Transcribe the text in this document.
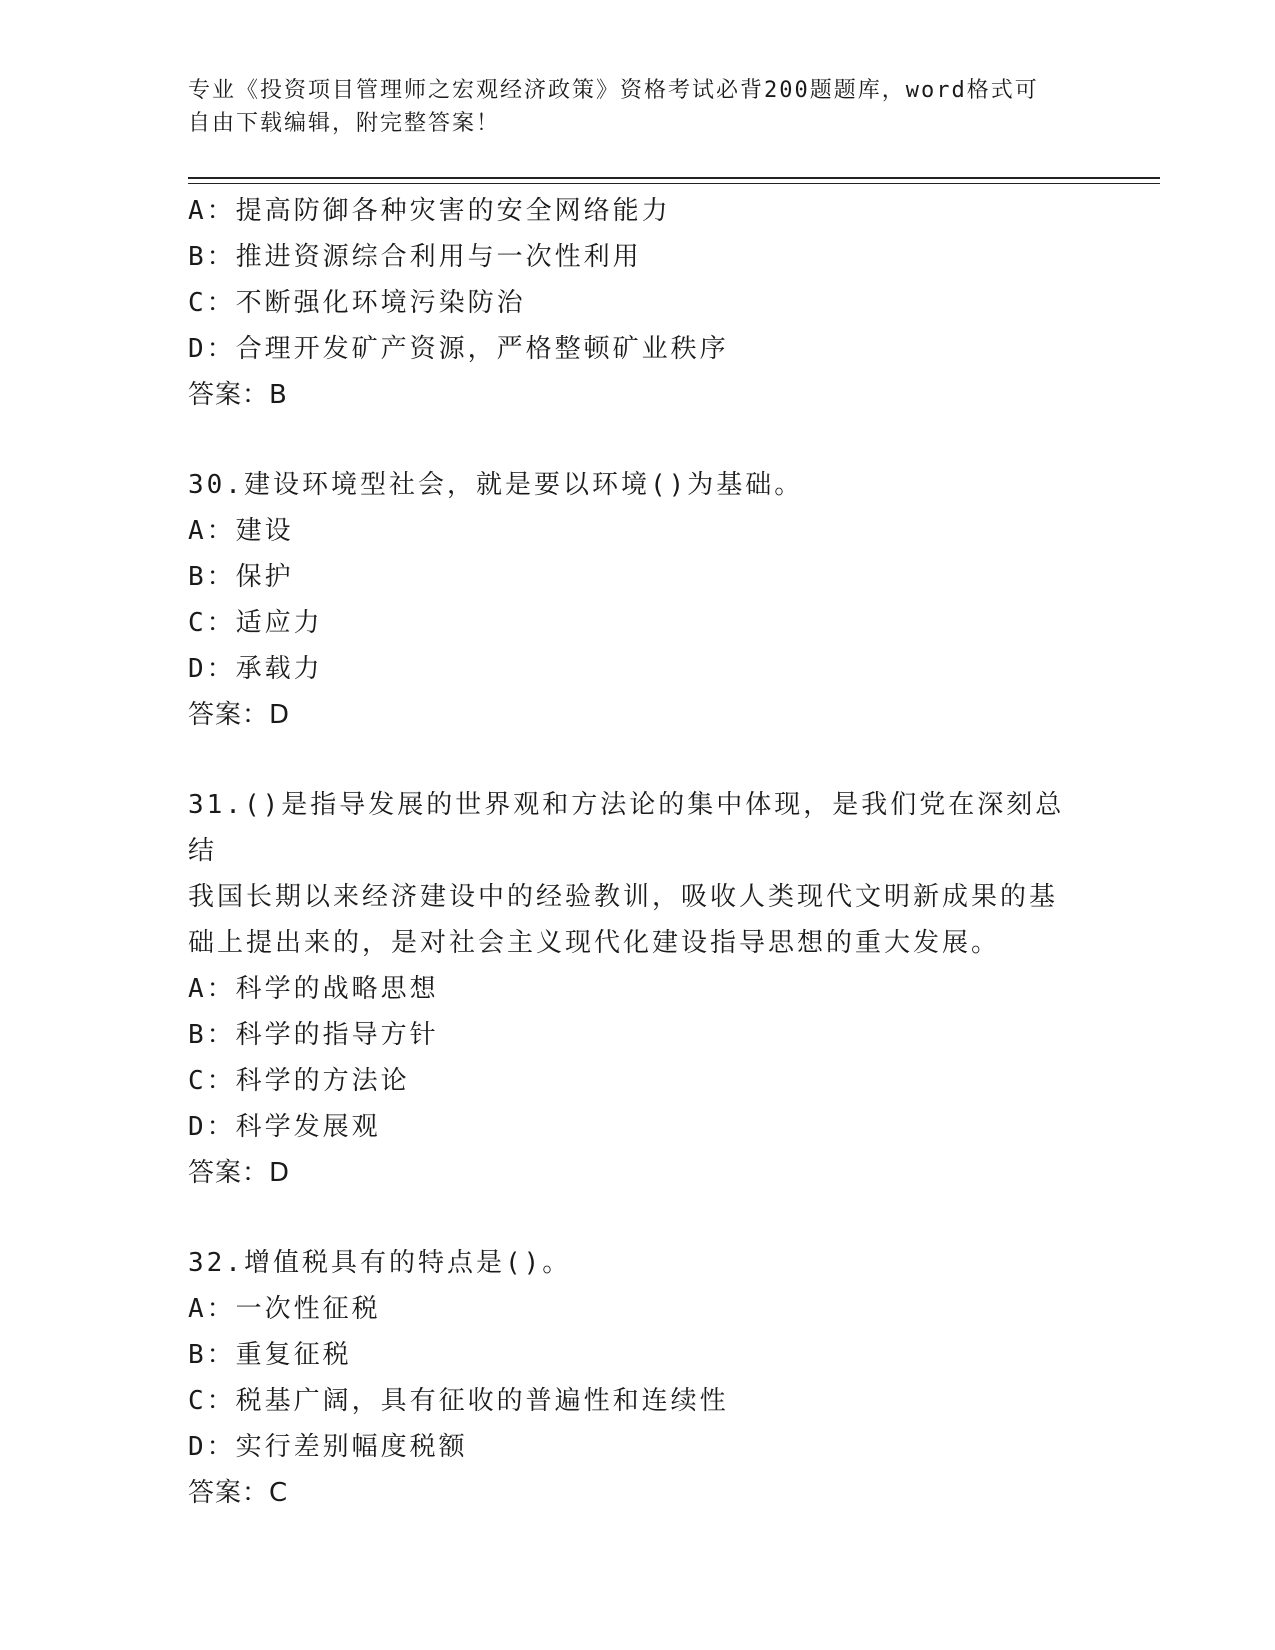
专业《投资项目管理师之宏观经济政策》资格考试必背200题题库，word格式可
自由下载编辑，附完整答案！
A：提高防御各种灾害的安全网络能力
B：推进资源综合利用与一次性利用
C：不断强化环境污染防治
D：合理开发矿产资源，严格整顿矿业秩序
答案：B
30.建设环境型社会，就是要以环境()为基础。
A：建设
B：保护
C：适应力
D：承载力
答案：D
31.()是指导发展的世界观和方法论的集中体现，是我们党在深刻总结
我国长期以来经济建设中的经验教训，吸收人类现代文明新成果的基
础上提出来的，是对社会主义现代化建设指导思想的重大发展。
A：科学的战略思想
B：科学的指导方针
C：科学的方法论
D：科学发展观
答案：D
32.增值税具有的特点是()。
A：一次性征税
B：重复征税
C：税基广阔，具有征收的普遍性和连续性
D：实行差别幅度税额
答案：C
